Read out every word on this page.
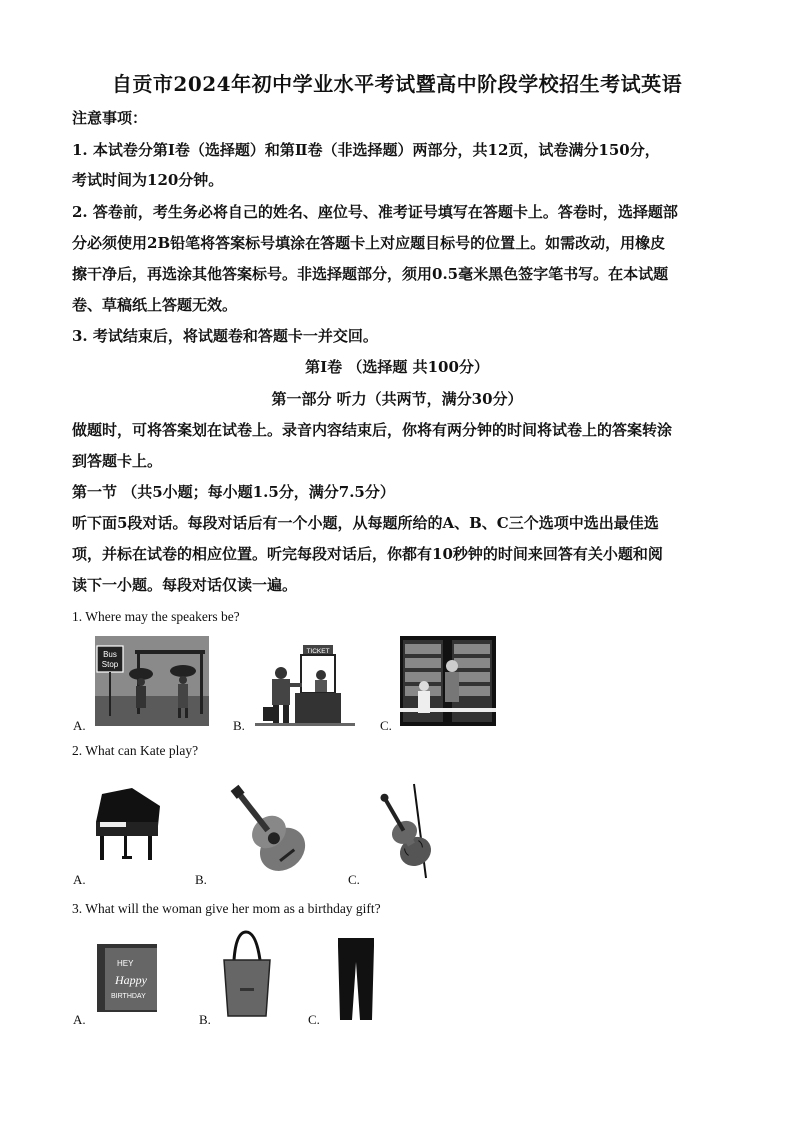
自贡市2024年初中学业水平考试暨高中阶段学校招生考试英语
注意事项：
1. 本试卷分第Ⅰ卷（选择题）和第Ⅱ卷（非选择题）两部分，共12页，试卷满分150分，
考试时间为120分钟。
2. 答卷前，考生务必将自己的姓名、座位号、准考证号填写在答题卡上。答卷时，选择题部
分必须使用2B铅笔将答案标号填涂在答题卡上对应题目标号的位置上。如需改动，用橡皮
擦干净后，再选涂其他答案标号。非选择题部分，须用0.5毫米黑色签字笔书写。在本试题
卷、草稿纸上答题无效。
3. 考试结束后，将试题卷和答题卡一并交回。
第Ⅰ卷 （选择题 共100分）
第一部分 听力（共两节，满分30分）
做题时，可将答案划在试卷上。录音内容结束后，你将有两分钟的时间将试卷上的答案转涂
到答题卡上。
第一节 （共5小题；每小题1.5分，满分7.5分）
听下面5段对话。每段对话后有一个小题，从每题所给的A、B、C三个选项中选出最佳选
项，并标在试卷的相应位置。听完每段对话后，你都有10秒钟的时间来回答有关小题和阅
读下一小题。每段对话仅读一遍。
1. Where may the speakers be?
Bus
Stop
A.
TICKET
B.	C.
2. What can Kate play?
A.	B.	C.
3. What will the woman give her mom as a birthday gift?
HEY
Happy
BIRTHDAY
A.	B.	C.
